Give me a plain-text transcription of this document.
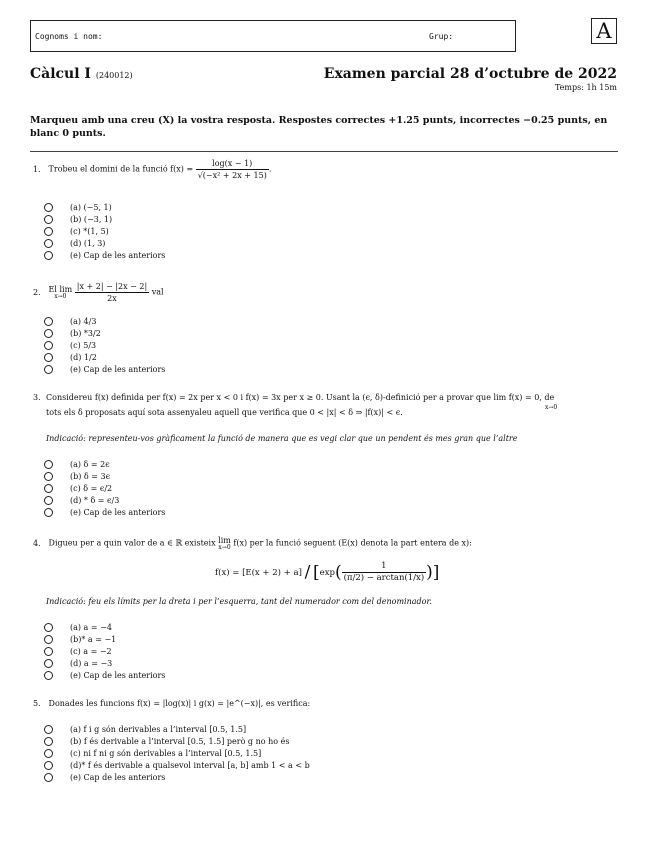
Cognoms i nom:	Grup:	A
Càlcul I (240012)	Examen parcial 28 d’octubre de 2022
Temps: 1h 15m
Marqueu amb una creu (X) la vostra resposta. Respostes correctes +1.25 punts, incorrectes −0.25 punts, en blanc 0 punts.
1. Trobeu el domini de la funció $f(x) = \frac{\log(x - 1)}{\text{√(−x² + 2x + 15)}}$ .
(a) (−5, 1)
(b) (−3, 1)
(c) *(1, 5)
(d) (1, 3)
(e) Cap de les anteriors
2. El lim
x→0
	$\frac{|x + 2| - |2x - 2|}{2x}$ val
(a) 4/3
(b) *3/2
(c) 5/3
(d) 1/2
(e) Cap de les anteriors
3. Considereu f(x) definida per f(x) = 2x per x < 0 i f(x) = 3x per x ≥ 0. Usant la (ϵ, δ)-definició per a provar que lim f(x) = 0, de
x→0
tots els δ proposats aquí sota assenyaleu aquell que verifica que 0 < |x| < δ ⇒ |f(x)| < ϵ.
Indicació: representeu-vos gràficament la funció de manera que es vegi clar que un pendent és mes gran que l’altre
(a) δ = 2ϵ
(b) δ = 3ϵ
(c) δ = ϵ/2
(d) * δ = ϵ/3
(e) Cap de les anteriors
4. Digueu per a quin valor de a ∈ ℝ existeix lim
x→0 f(x) per la funció seguent (E(x) denota la part entera de x):
$f(x) = [E(x + 2) + a] / [\exp( \frac{1}{(\pi/2) - \arctan(1/x)}$ )]
Indicació: feu els límits per la dreta i per l’esquerra, tant del numerador com del denominador.
(a) a = −4
(b)* a = −1
(c) a = −2
(d) a = −3
(e) Cap de les anteriors
5. Donades les funcions f(x) = |log(x)| i g(x) = |e^(−x)|, es verifica:
(a) f i g són derivables a l’interval [0.5, 1.5]
(b) f és derivable a l’interval [0.5, 1.5] però g no ho és
(c) ni f ni g són derivables a l’interval [0.5, 1.5]
(d)* f és derivable a qualsevol interval [a, b] amb 1 < a < b
(e) Cap de les anteriors
